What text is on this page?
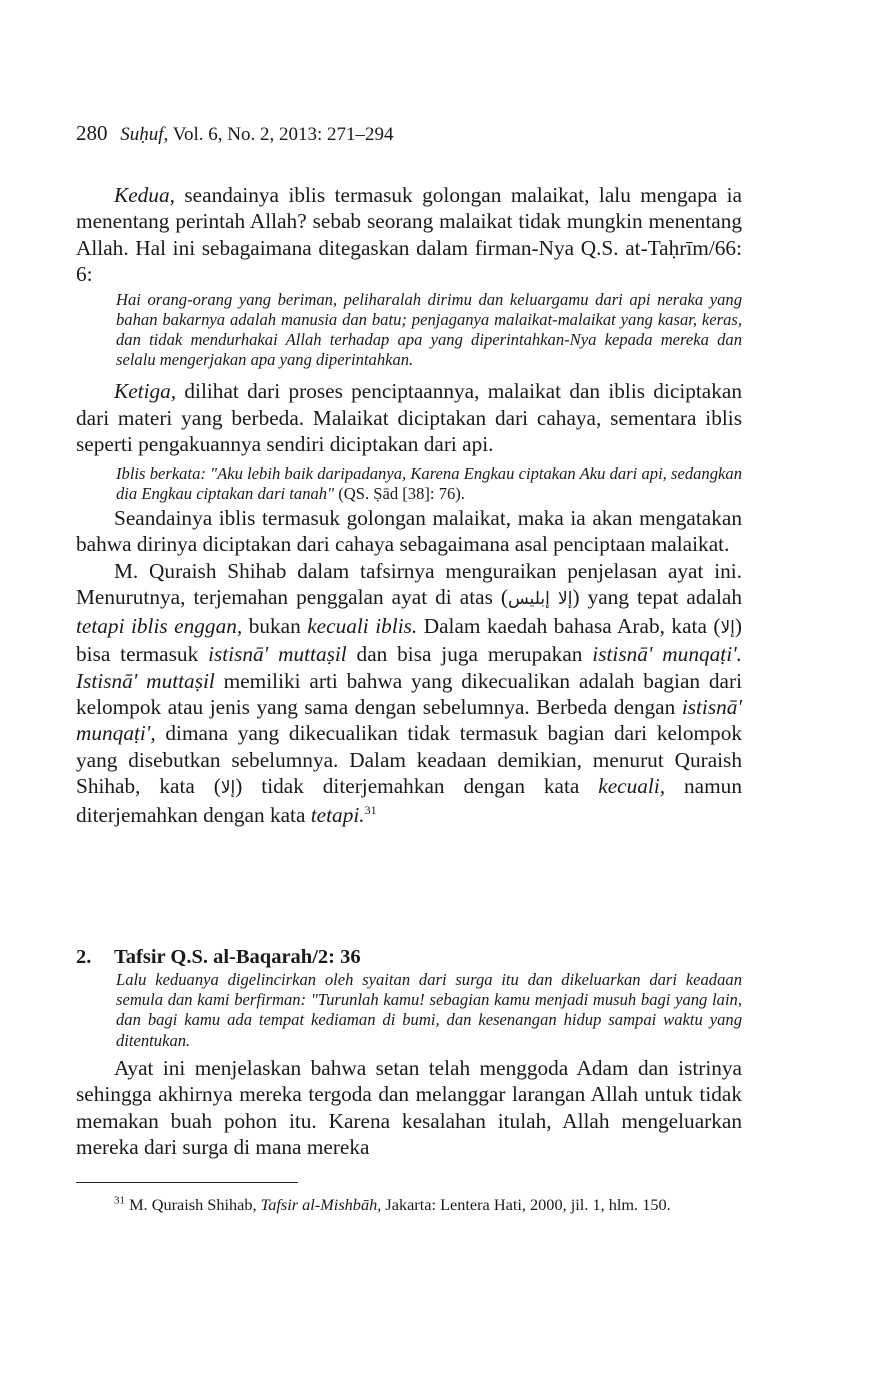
280 Suḥuf, Vol. 6, No. 2, 2013: 271–294

Kedua, seandainya iblis termasuk golongan malaikat, lalu mengapa ia menentang perintah Allah? sebab seorang malaikat tidak mungkin menentang Allah. Hal ini sebagaimana ditegaskan dalam firman-Nya Q.S. at-Taḥrīm/66: 6:

Hai orang-orang yang beriman, peliharalah dirimu dan keluargamu dari api neraka yang bahan bakarnya adalah manusia dan batu; penjaganya malaikat-malaikat yang kasar, keras, dan tidak mendurhakai Allah terhadap apa yang diperintahkan-Nya kepada mereka dan selalu mengerjakan apa yang diperintahkan.

Ketiga, dilihat dari proses penciptaannya, malaikat dan iblis diciptakan dari materi yang berbeda. Malaikat diciptakan dari cahaya, sementara iblis seperti pengakuannya sendiri diciptakan dari api.

Iblis berkata: "Aku lebih baik daripadanya, Karena Engkau ciptakan Aku dari api, sedangkan dia Engkau ciptakan dari tanah" (QS. Ṣād [38]: 76).

Seandainya iblis termasuk golongan malaikat, maka ia akan mengatakan bahwa dirinya diciptakan dari cahaya sebagaimana asal penciptaan malaikat.

M. Quraish Shihab dalam tafsirnya menguraikan penjelasan ayat ini. Menurutnya, terjemahan penggalan ayat di atas (إلا إبليس) yang tepat adalah tetapi iblis enggan, bukan kecuali iblis. Dalam kaedah bahasa Arab, kata (إلا) bisa termasuk istisnā' muttaṣil dan bisa juga merupakan istisnā' munqaṭi'. Istisnā' muttaṣil memiliki arti bahwa yang dikecualikan adalah bagian dari kelompok atau jenis yang sama dengan sebelumnya. Berbeda dengan istisnā' munqaṭi', dimana yang dikecualikan tidak termasuk bagian dari kelompok yang disebutkan sebelumnya. Dalam keadaan demikian, menurut Quraish Shihab, kata (إلا) tidak diterjemahkan dengan kata kecuali, namun diterjemahkan dengan kata tetapi.$^{31}$

2. Tafsir Q.S. al-Baqarah/2: 36

Lalu keduanya digelincirkan oleh syaitan dari surga itu dan dikeluarkan dari keadaan semula dan kami berfirman: "Turunlah kamu! sebagian kamu menjadi musuh bagi yang lain, dan bagi kamu ada tempat kediaman di bumi, dan kesenangan hidup sampai waktu yang ditentukan.

Ayat ini menjelaskan bahwa setan telah menggoda Adam dan istrinya sehingga akhirnya mereka tergoda dan melanggar larangan Allah untuk tidak memakan buah pohon itu. Karena kesalahan itulah, Allah mengeluarkan mereka dari surga di mana mereka

$^{31}$ M. Quraish Shihab, Tafsir al-Mishbāh, Jakarta: Lentera Hati, 2000, jil. 1, hlm. 150.
